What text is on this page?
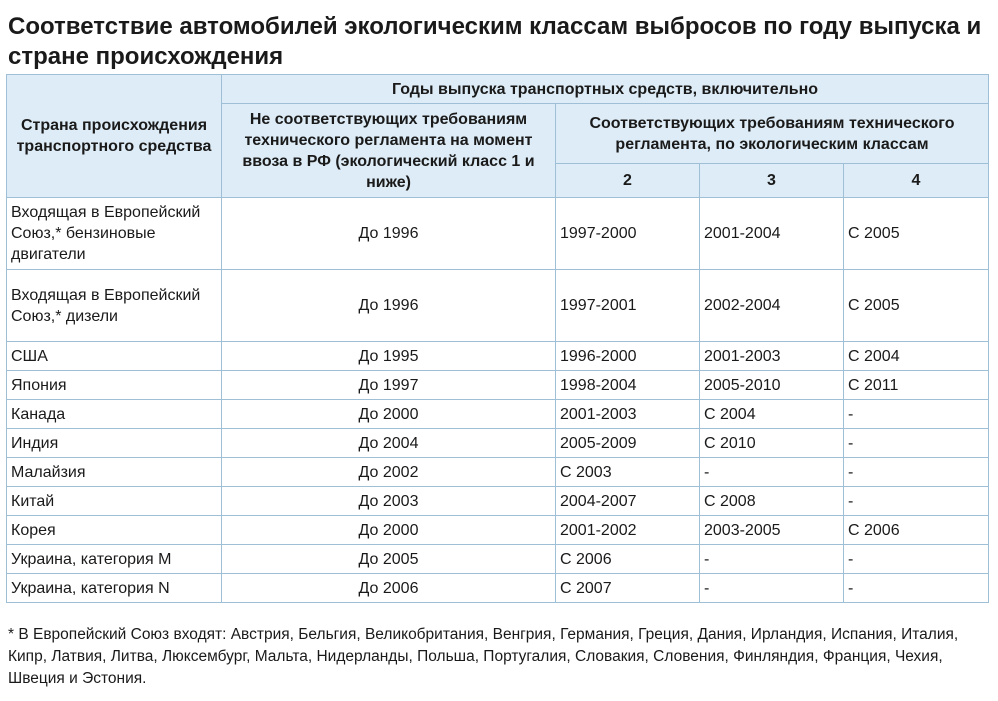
Соответствие автомобилей экологическим классам выбросов по году выпуска и стране происхождения
Страна происхождения транспортного средства	Годы выпуска транспортных средств, включительно			
	Не соответствующих требованиям технического регламента на момент ввоза в РФ (экологический класс 1 и ниже)	Соответствующих требованиям технического регламента, по экологическим классам		
		2	3	4
Входящая в Европейский Союз,* бензиновые двигатели	До 1996	1997-2000	2001-2004	С 2005
Входящая в Европейский Союз,* дизели	До 1996	1997-2001	2002-2004	С 2005
США	До 1995	1996-2000	2001-2003	С 2004
Япония	До 1997	1998-2004	2005-2010	С 2011
Канада	До 2000	2001-2003	С 2004	-
Индия	До 2004	2005-2009	С 2010	-
Малайзия	До 2002	С 2003	-	-
Китай	До 2003	2004-2007	С 2008	-
Корея	До 2000	2001-2002	2003-2005	С 2006
Украина, категория M	До 2005	С 2006	-	-
Украина, категория N	До 2006	С 2007	-	-

* В Европейский Союз входят: Австрия, Бельгия, Великобритания, Венгрия, Германия, Греция, Дания, Ирландия, Испания, Италия, Кипр, Латвия, Литва, Люксембург, Мальта, Нидерланды, Польша, Португалия, Словакия, Словения, Финляндия, Франция, Чехия, Швеция и Эстония.
